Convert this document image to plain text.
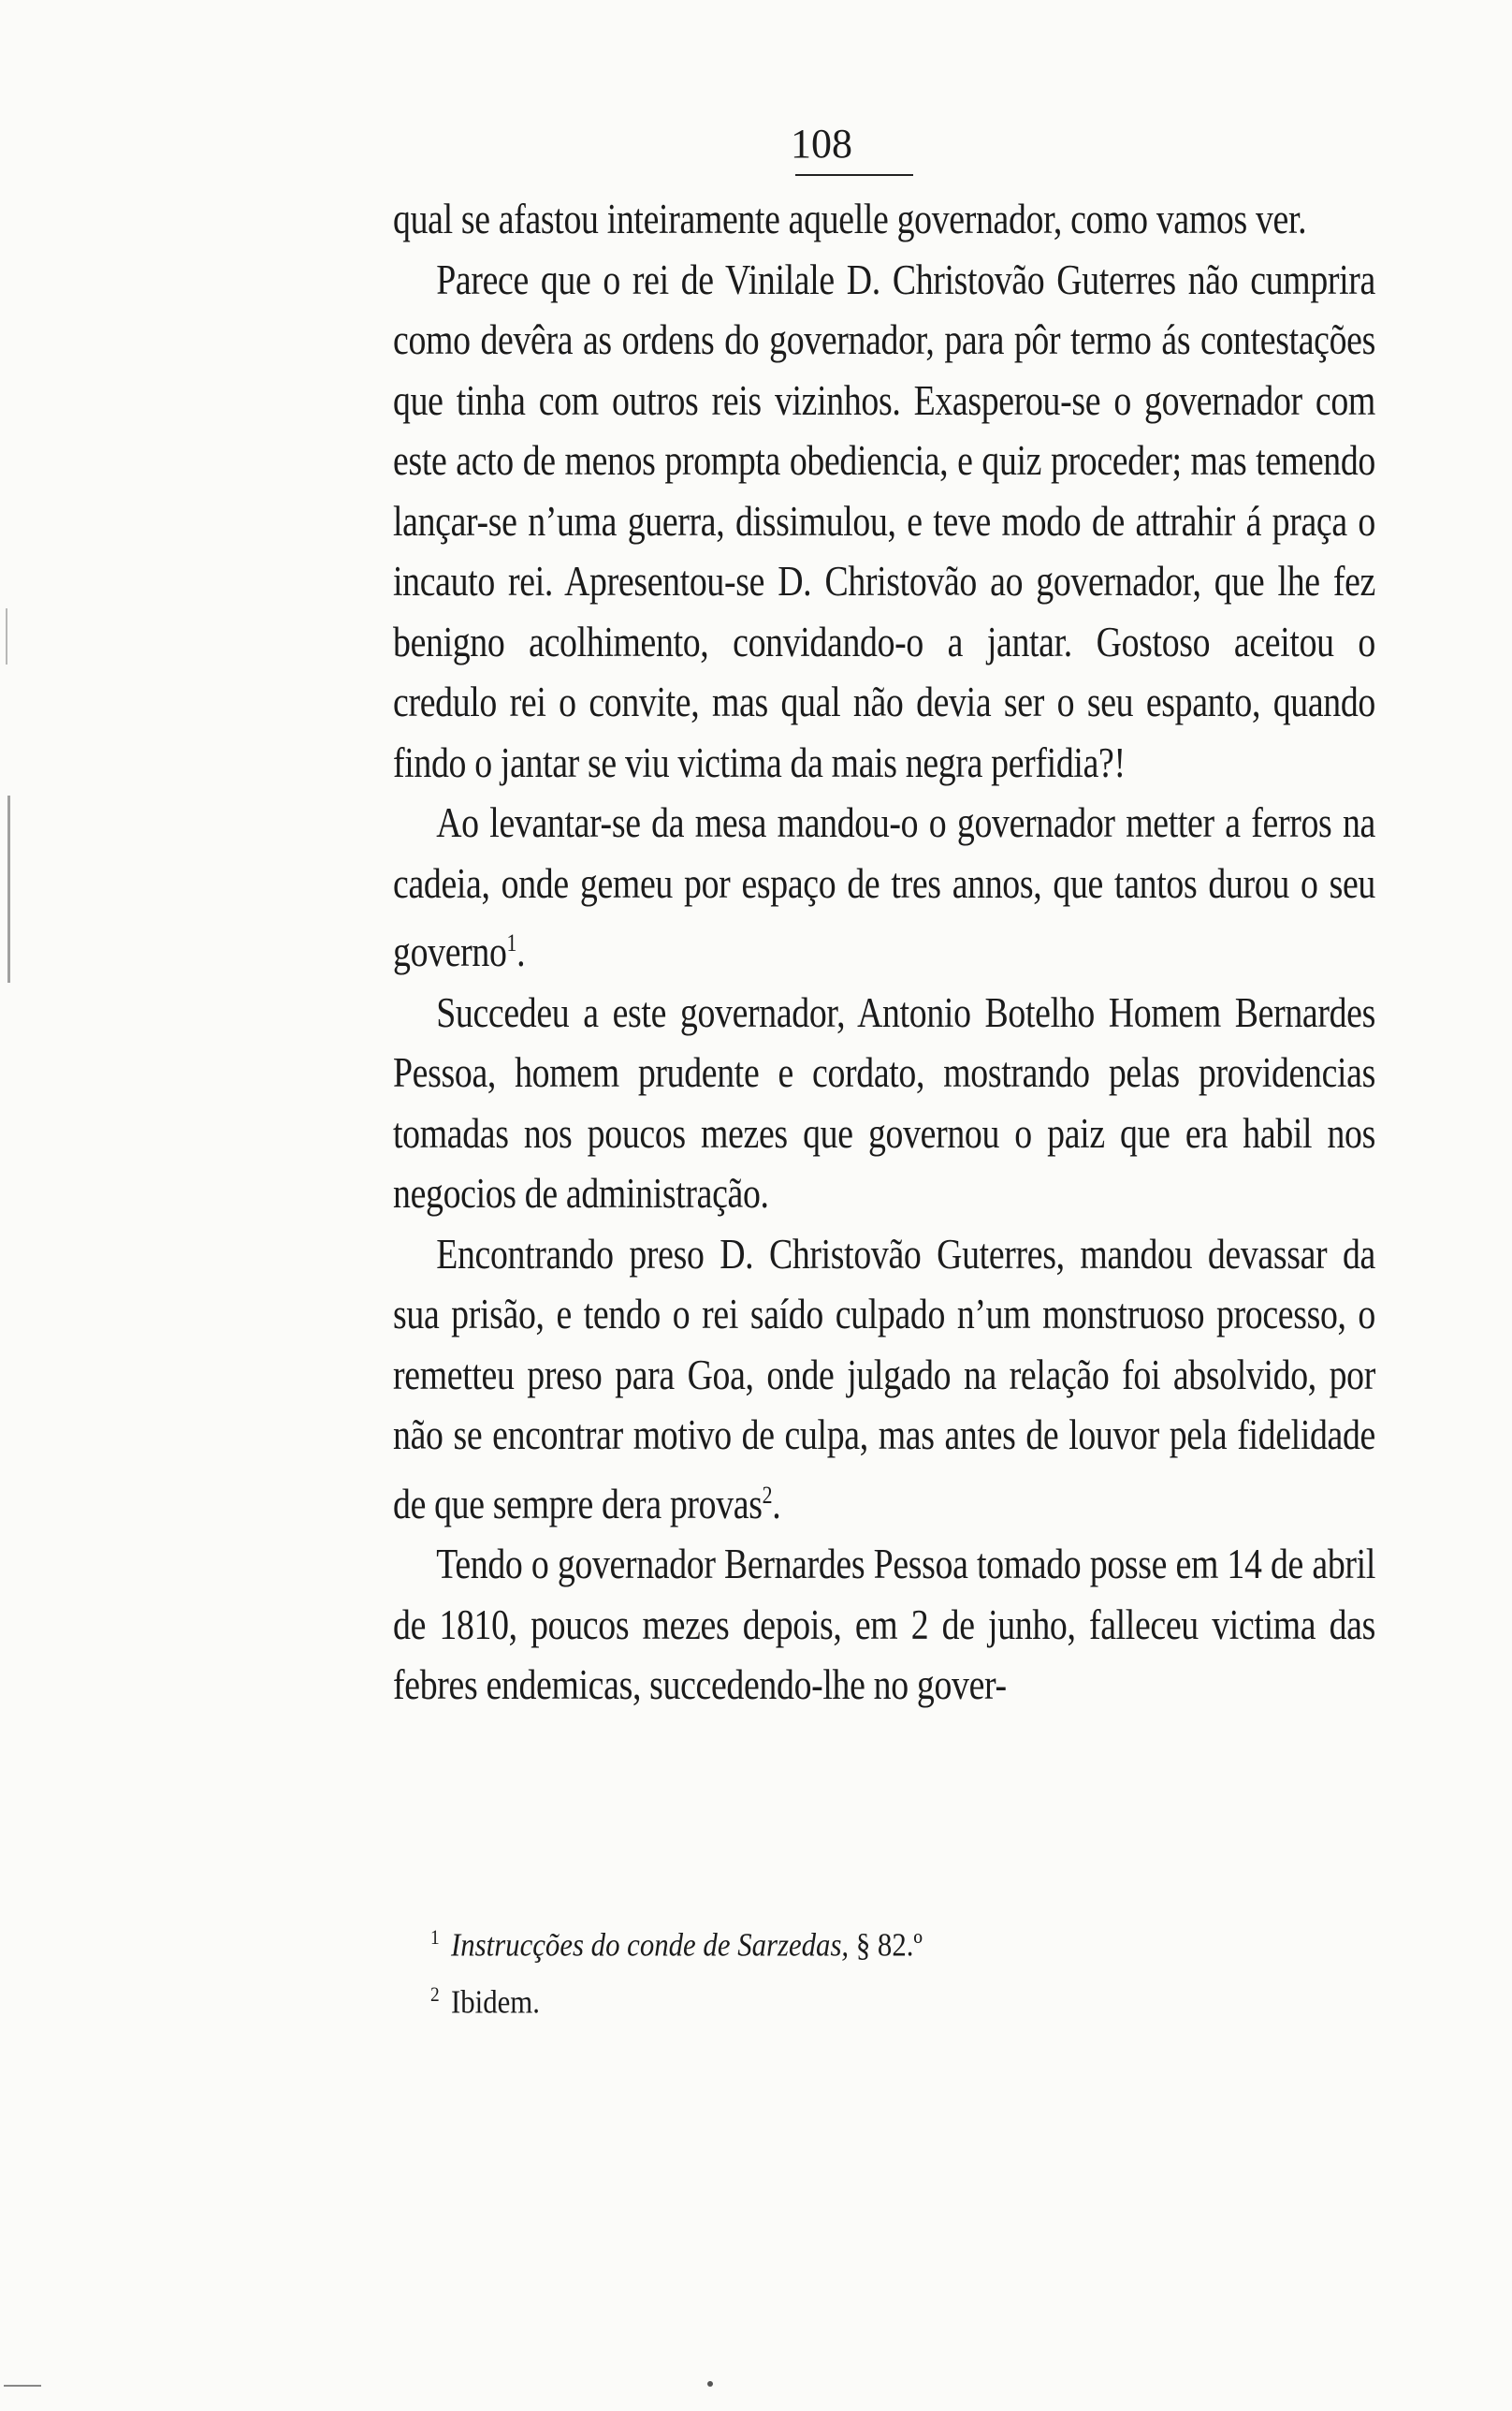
108

qual se afastou inteiramente aquelle governador, como vamos ver.

Parece que o rei de Vinilale D. Christovão Guterres não cumprira como devêra as ordens do governador, para pôr termo ás contestações que tinha com outros reis vizinhos. Exasperou-se o governador com este acto de menos prompta obediencia, e quiz proceder; mas temendo lançar-se n’uma guerra, dissimulou, e teve modo de attrahir á praça o incauto rei. Apresentou-se D. Christovão ao governador, que lhe fez benigno acolhimento, convidando-o a jantar. Gostoso aceitou o credulo rei o convite, mas qual não devia ser o seu espanto, quando findo o jantar se viu victima da mais negra perfidia?!

Ao levantar-se da mesa mandou-o o governador metter a ferros na cadeia, onde gemeu por espaço de tres annos, que tantos durou o seu governo$^1$.

Succedeu a este governador, Antonio Botelho Homem Bernardes Pessoa, homem prudente e cordato, mostrando pelas providencias tomadas nos poucos mezes que governou o paiz que era habil nos negocios de administração.

Encontrando preso D. Christovão Guterres, mandou devassar da sua prisão, e tendo o rei saído culpado n’um monstruoso processo, o remetteu preso para Goa, onde julgado na relação foi absolvido, por não se encontrar motivo de culpa, mas antes de louvor pela fidelidade de que sempre dera provas$^2$.

Tendo o governador Bernardes Pessoa tomado posse em 14 de abril de 1810, poucos mezes depois, em 2 de junho, falleceu victima das febres endemicas, succedendo-lhe no gover-

$^1$ Instrucções do conde de Sarzedas, § 82.º
$^2$ Ibidem.
